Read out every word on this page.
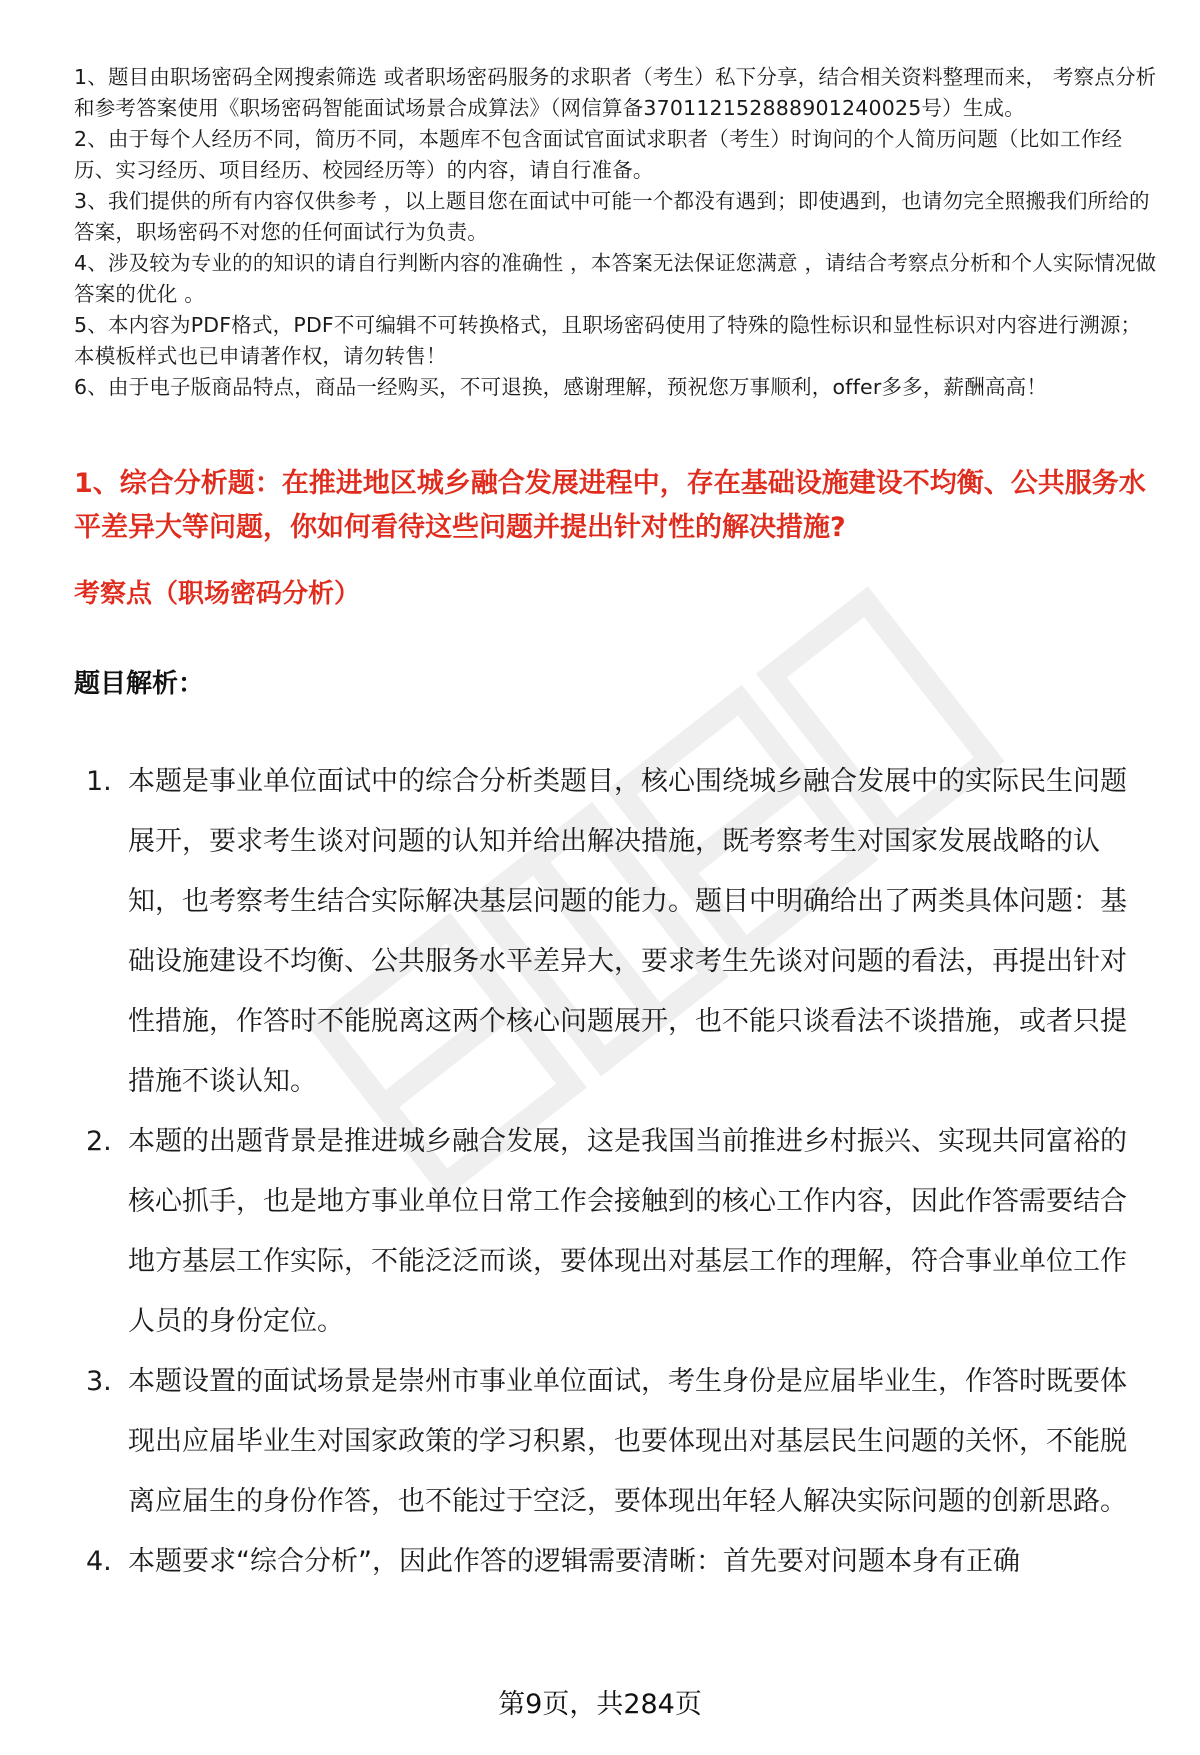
1、题目由职场密码全网搜索筛选 或者职场密码服务的求职者（考生）私下分享，结合相关资料整理而来， 考察点分析和参考答案使用《职场密码智能面试场景合成算法》（网信算备370112152888901240025号）生成。

2、由于每个人经历不同，简历不同，本题库不包含面试官面试求职者（考生）时询问的个人简历问题（比如工作经历、实习经历、项目经历、校园经历等）的内容，请自行准备。

3、我们提供的所有内容仅供参考 ，以上题目您在面试中可能一个都没有遇到；即使遇到，也请勿完全照搬我们所给的答案，职场密码不对您的任何面试行为负责。

4、涉及较为专业的的知识的请自行判断内容的准确性 ，本答案无法保证您满意 ，请结合考察点分析和个人实际情况做答案的优化 。

5、本内容为PDF格式，PDF不可编辑不可转换格式，且职场密码使用了特殊的隐性标识和显性标识对内容进行溯源；本模板样式也已申请著作权，请勿转售！

6、由于电子版商品特点，商品一经购买，不可退换，感谢理解，预祝您万事顺利，offer多多，薪酬高高！

1、综合分析题：在推进地区城乡融合发展进程中，存在基础设施建设不均衡、公共服务水平差异大等问题，你如何看待这些问题并提出针对性的解决措施?
考察点（职场密码分析）
题目解析：
1. 本题是事业单位面试中的综合分析类题目，核心围绕城乡融合发展中的实际民生问题展开，要求考生谈对问题的认知并给出解决措施，既考察考生对国家发展战略的认知，也考察考生结合实际解决基层问题的能力。题目中明确给出了两类具体问题：基础设施建设不均衡、公共服务水平差异大，要求考生先谈对问题的看法，再提出针对性措施，作答时不能脱离这两个核心问题展开，也不能只谈看法不谈措施，或者只提措施不谈认知。

2. 本题的出题背景是推进城乡融合发展，这是我国当前推进乡村振兴、实现共同富裕的核心抓手，也是地方事业单位日常工作会接触到的核心工作内容，因此作答需要结合地方基层工作实际，不能泛泛而谈，要体现出对基层工作的理解，符合事业单位工作人员的身份定位。

3. 本题设置的面试场景是崇州市事业单位面试，考生身份是应届毕业生，作答时既要体现出应届毕业生对国家政策的学习积累，也要体现出对基层民生问题的关怀，不能脱离应届生的身份作答，也不能过于空泛，要体现出年轻人解决实际问题的创新思路。

4. 本题要求“综合分析”，因此作答的逻辑需要清晰：首先要对问题本身有正确

第9页，共284页
